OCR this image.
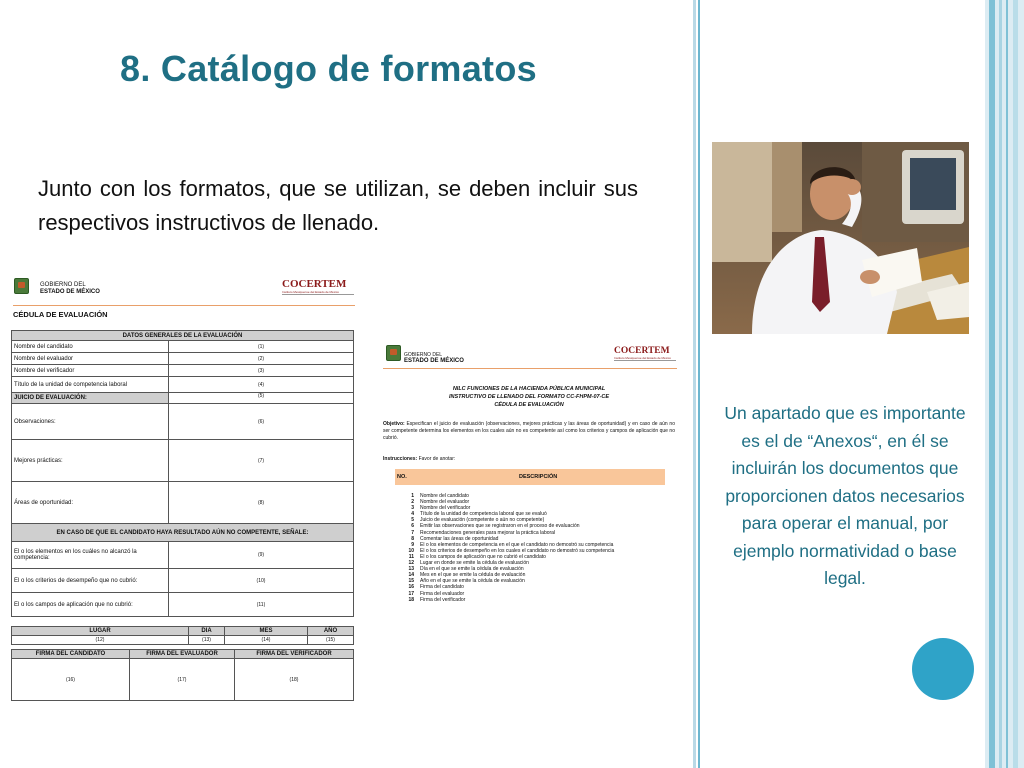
8. Catálogo de formatos
Junto con los formatos, que se utilizan, se deben incluir sus respectivos instructivos de llenado.
GOBIERNO DEL
ESTADO DE MÉXICO
COCERTEM
Instituto Mexiquense del Estado de México
CÉDULA DE EVALUACIÓN
DATOS GENERALES DE LA EVALUACIÓN	
Nombre del candidato	(1)
Nombre del evaluador	(2)
Nombre del verificador	(3)
Título de la unidad de competencia laboral	(4)
JUICIO DE EVALUACIÓN:	(5)
Observaciones:	(6)
Mejores prácticas:	(7)
Áreas de oportunidad:	(8)
EN CASO DE QUE EL CANDIDATO HAYA RESULTADO AÚN NO COMPETENTE, SEÑALE:	
El o los elementos en los cuáles no alcanzó la competencia:	(9)
El o los criterios de desempeño que no cubrió:	(10)
El o los campos de aplicación que no cubrió:	(11)
LUGAR	DIA	MES	AÑO
(12)	(13)	(14)	(15)
FIRMA DEL CANDIDATO	FIRMA DEL EVALUADOR	FIRMA DEL VERIFICADOR
(16)	(17)	(18)
GOBIERNO DEL
ESTADO DE MÉXICO
COCERTEM
Instituto Mexiquense del Estado de México
NILC FUNCIONES DE LA HACIENDA PÚBLICA MUNICIPAL
INSTRUCTIVO DE LLENADO DEL FORMATO CC-FHPM-07-CE
CÉDULA DE EVALUACIÓN
Objetivo: Especifican el juicio de evaluación (observaciones, mejores prácticas y las áreas de oportunidad) y en caso de aún no ser competente determina los elementos en los cuales aún no es competente así como los criterios y campos de aplicación que no cubrió.
Instrucciones: Favor de anotar:
NO.	DESCRIPCIÓN
1 Nombre del candidato
2 Nombre del evaluador
3 Nombre del verificador
4 Título de la unidad de competencia laboral que se evaluó
5 Juicio de evaluación (competente o aún no competente)
6 Emitir las observaciones que se registraron en el proceso de evaluación
7 Recomendaciones generales para mejorar la práctica laboral
8 Comentar las áreas de oportunidad
9 El o los elementos de competencia en el que el candidato no demostró su competencia
10 El o los criterios de desempeño en los cuales el candidato no demostró su competencia
11 El o los campos de aplicación que no cubrió el candidato
12 Lugar en donde se emite la cédula de evaluación
13 Día en el que se emite la cédula de evaluación
14 Mes en el que se emite la cédula de evaluación
15 Año en el que se emite la cédula de evaluación
16 Firma del candidato
17 Firma del evaluador
18 Firma del verificador
Un apartado que es importante es el de “Anexos“, en él se incluirán los documentos que proporcionen datos necesarios para operar el manual, por ejemplo normatividad o base legal.
